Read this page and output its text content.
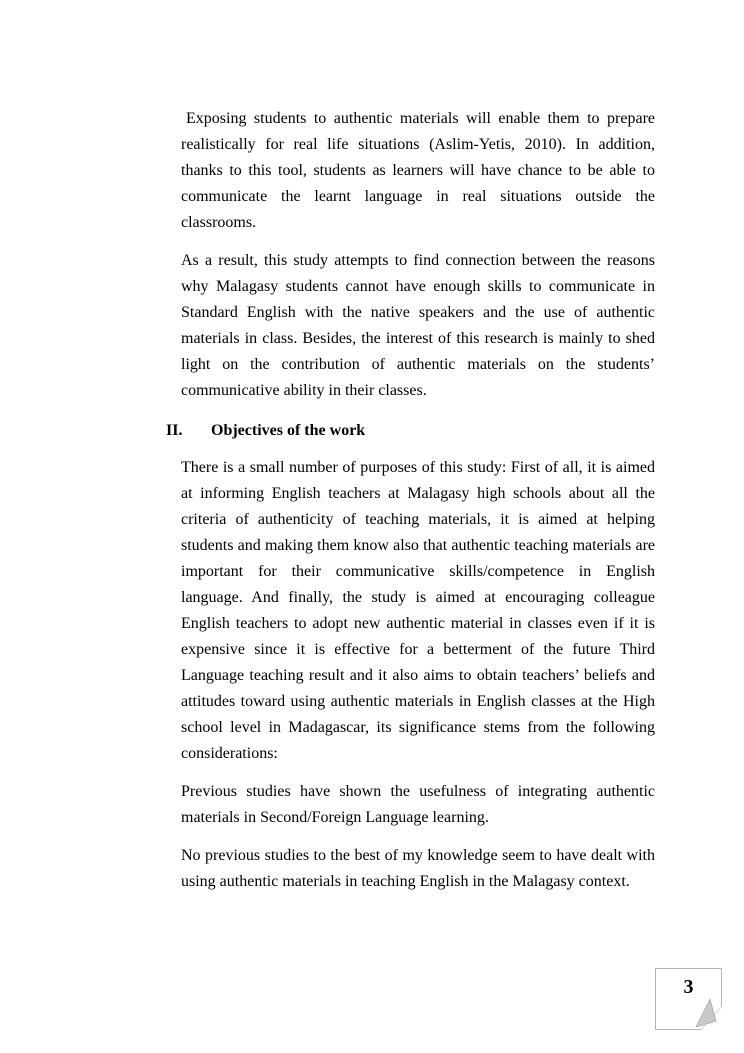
Exposing students to authentic materials will enable them to prepare realistically for real life situations (Aslim-Yetis, 2010). In addition, thanks to this tool, students as learners will have chance to be able to communicate the learnt language in real situations outside the classrooms.

As a result, this study attempts to find connection between the reasons why Malagasy students cannot have enough skills to communicate in Standard English with the native speakers and the use of authentic materials in class. Besides, the interest of this research is mainly to shed light on the contribution of authentic materials on the students’ communicative ability in their classes.

II. Objectives of the work

There is a small number of purposes of this study: First of all, it is aimed at informing English teachers at Malagasy high schools about all the criteria of authenticity of teaching materials, it is aimed at helping students and making them know also that authentic teaching materials are important for their communicative skills/competence in English language. And finally, the study is aimed at encouraging colleague English teachers to adopt new authentic material in classes even if it is expensive since it is effective for a betterment of the future Third Language teaching result and it also aims to obtain teachers’ beliefs and attitudes toward using authentic materials in English classes at the High school level in Madagascar, its significance stems from the following considerations:

Previous studies have shown the usefulness of integrating authentic materials in Second/Foreign Language learning.

No previous studies to the best of my knowledge seem to have dealt with using authentic materials in teaching English in the Malagasy context.

3
